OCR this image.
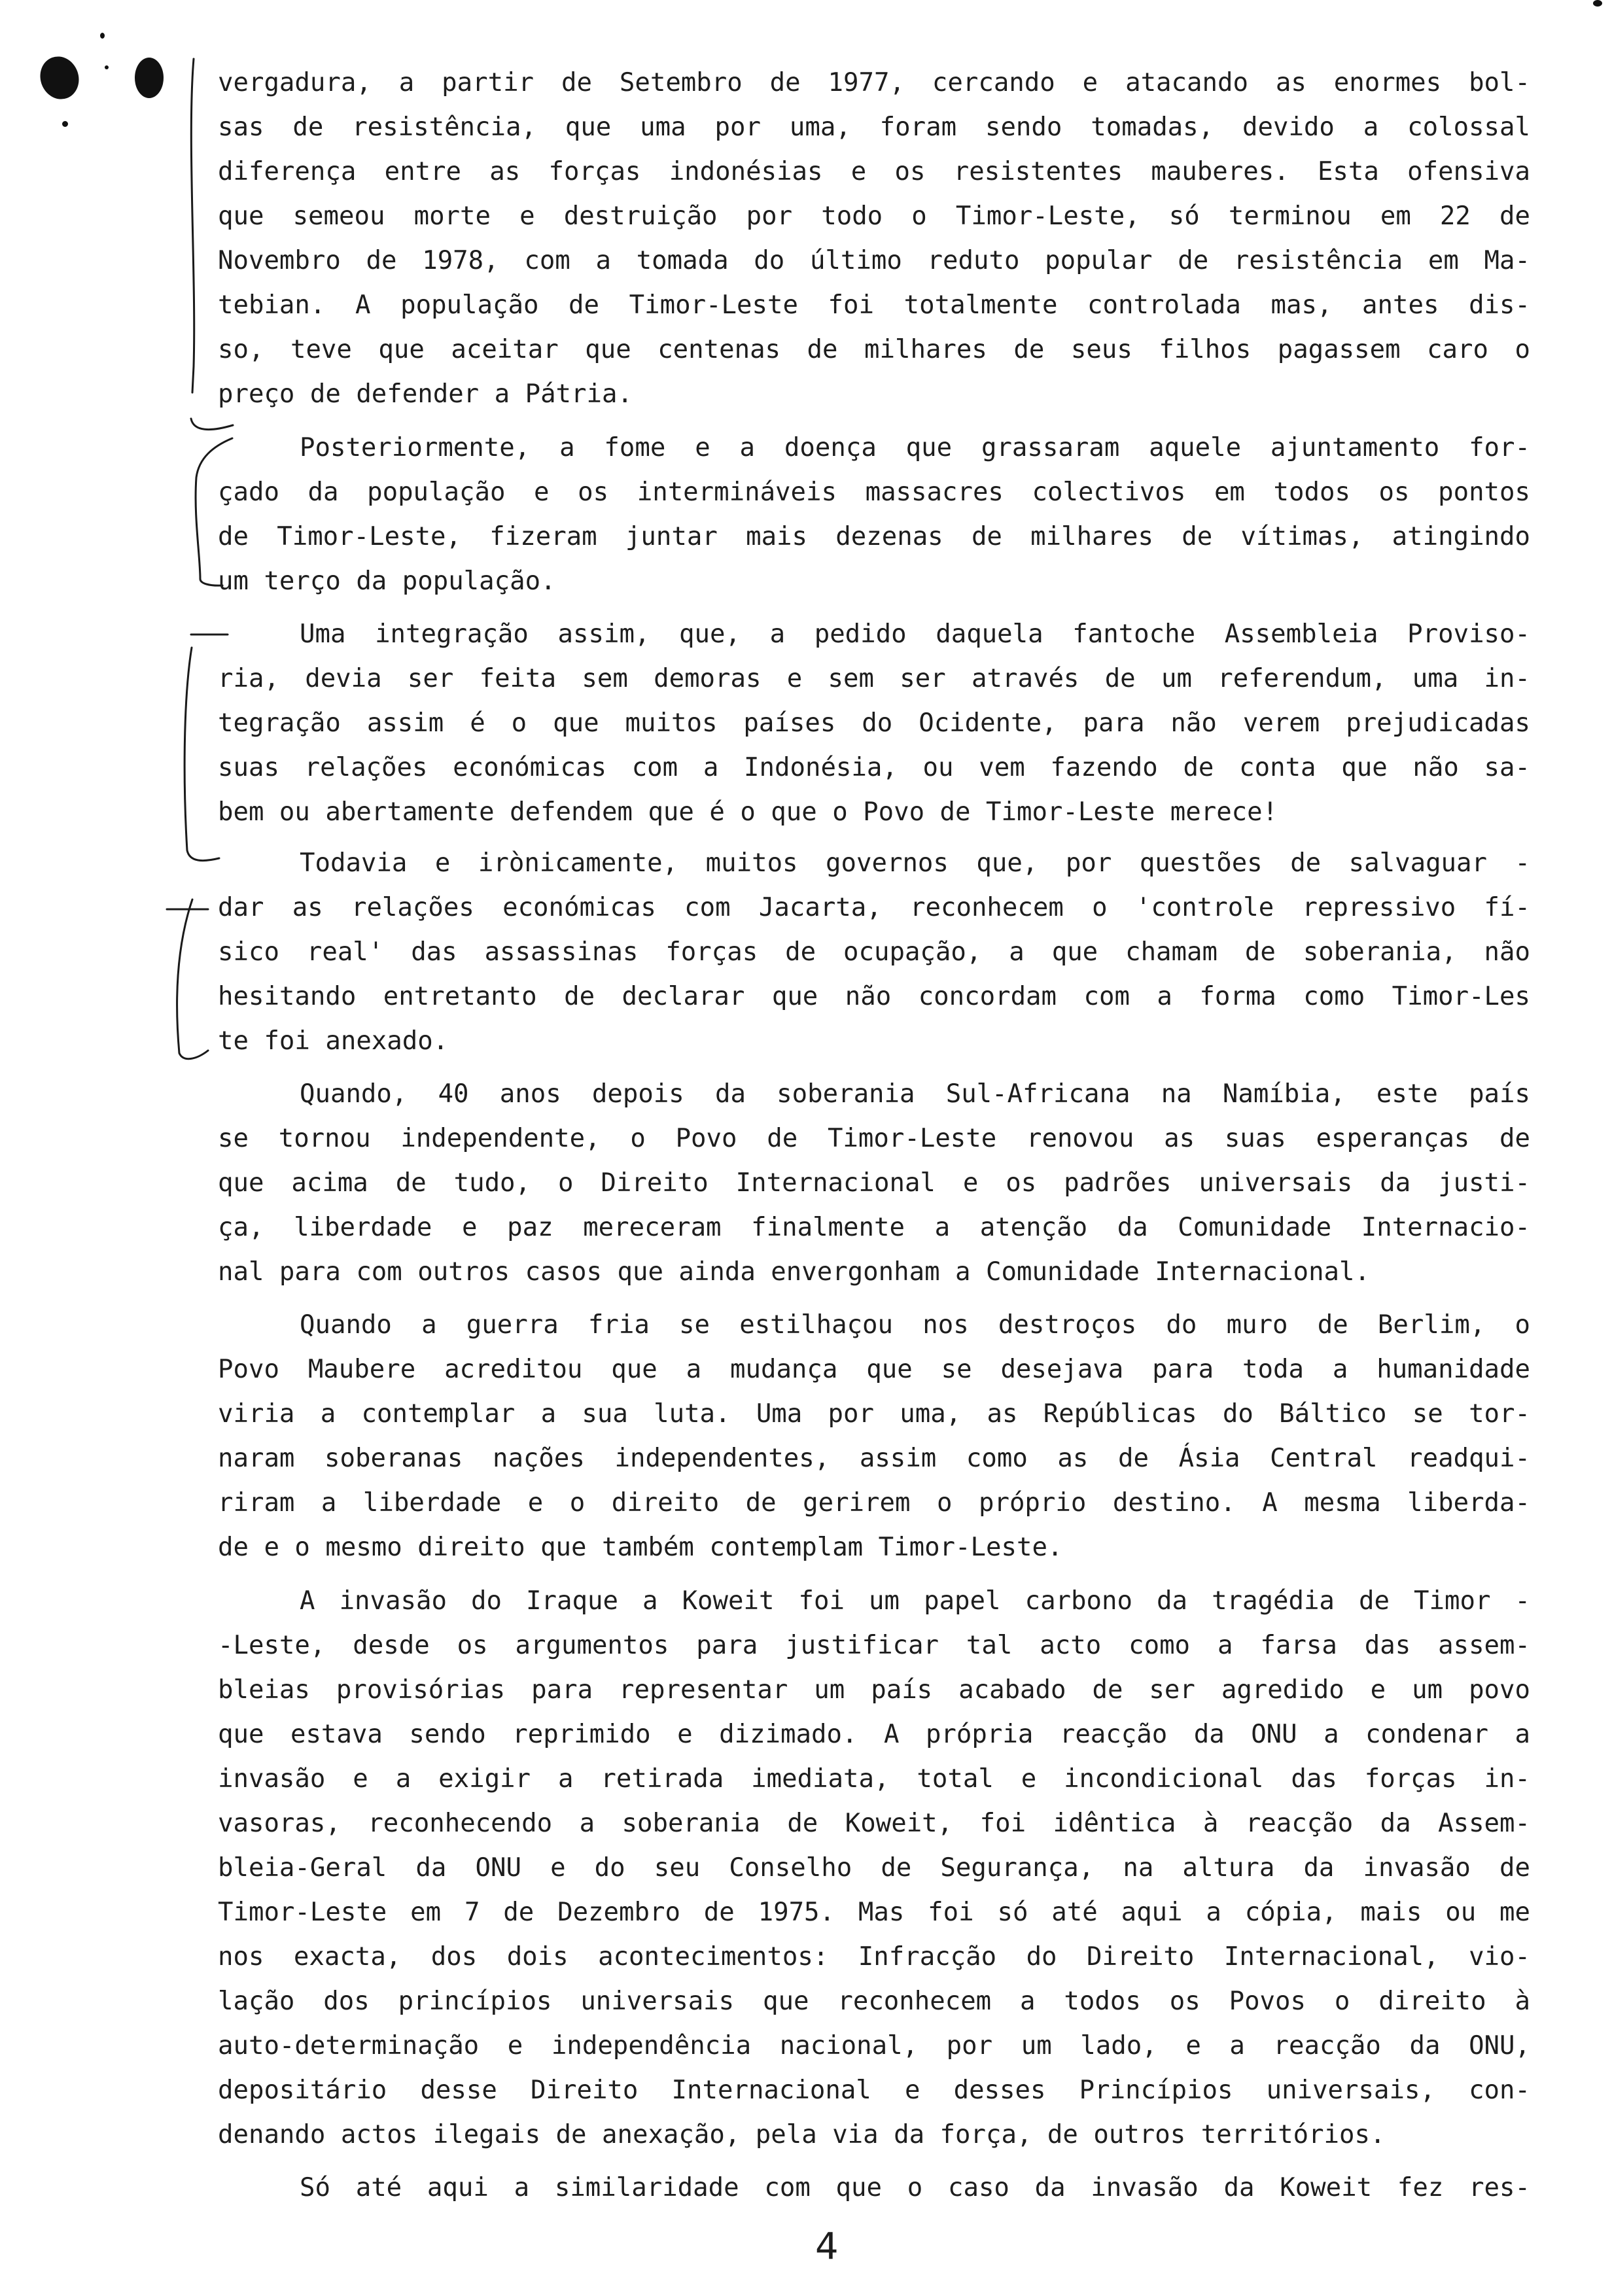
vergadura, a partir de Setembro de 1977, cercando e atacando as enormes bol-
sas de resistência, que uma por uma, foram sendo tomadas, devido a colossal
diferença entre as forças indonésias e os resistentes mauberes. Esta ofensiva
que semeou morte e destruição por todo o Timor-Leste, só terminou em 22 de
Novembro de 1978, com a tomada do último reduto popular de resistência em Ma-
tebian. A população de Timor-Leste foi totalmente controlada mas, antes dis-
so, teve que aceitar que centenas de milhares de seus filhos pagassem caro o
preço de defender a Pátria.
Posteriormente, a fome e a doença que grassaram aquele ajuntamento for-
çado da população e os intermináveis massacres colectivos em todos os pontos
de Timor-Leste, fizeram juntar mais dezenas de milhares de vítimas, atingindo
um terço da população.
Uma integração assim, que, a pedido daquela fantoche Assembleia Proviso-
ria, devia ser feita sem demoras e sem ser através de um referendum, uma in-
tegração assim é o que muitos países do Ocidente, para não verem prejudicadas
suas relações económicas com a Indonésia, ou vem fazendo de conta que não sa-
bem ou abertamente defendem que é o que o Povo de Timor-Leste merece!
Todavia e irònicamente, muitos governos que, por questões de salvaguar -
dar as relações económicas com Jacarta, reconhecem o 'controle repressivo fí-
sico real' das assassinas forças de ocupação, a que chamam de soberania, não
hesitando entretanto de declarar que não concordam com a forma como Timor-Les
te foi anexado.
Quando, 40 anos depois da soberania Sul-Africana na Namíbia, este país
se tornou independente, o Povo de Timor-Leste renovou as suas esperanças de
que acima de tudo, o Direito Internacional e os padrões universais da justi-
ça, liberdade e paz mereceram finalmente a atenção da Comunidade Internacio-
nal para com outros casos que ainda envergonham a Comunidade Internacional.
Quando a guerra fria se estilhaçou nos destroços do muro de Berlim, o
Povo Maubere acreditou que a mudança que se desejava para toda a humanidade
viria a contemplar a sua luta. Uma por uma, as Repúblicas do Báltico se tor-
naram soberanas nações independentes, assim como as de Ásia Central readqui-
riram a liberdade e o direito de gerirem o próprio destino. A mesma liberda-
de e o mesmo direito que também contemplam Timor-Leste.
A invasão do Iraque a Koweit foi um papel carbono da tragédia de Timor -
-Leste, desde os argumentos para justificar tal acto como a farsa das assem-
bleias provisórias para representar um país acabado de ser agredido e um povo
que estava sendo reprimido e dizimado. A própria reacção da ONU a condenar a
invasão e a exigir a retirada imediata, total e incondicional das forças in-
vasoras, reconhecendo a soberania de Koweit, foi idêntica à reacção da Assem-
bleia-Geral da ONU e do seu Conselho de Segurança, na altura da invasão de
Timor-Leste em 7 de Dezembro de 1975. Mas foi só até aqui a cópia, mais ou me
nos exacta, dos dois acontecimentos: Infracção do Direito Internacional, vio-
lação dos princípios universais que reconhecem a todos os Povos o direito à
auto-determinação e independência nacional, por um lado, e a reacção da ONU,
depositário desse Direito Internacional e desses Princípios universais, con-
denando actos ilegais de anexação, pela via da força, de outros territórios.
Só até aqui a similaridade com que o caso da invasão da Koweit fez res-
4
